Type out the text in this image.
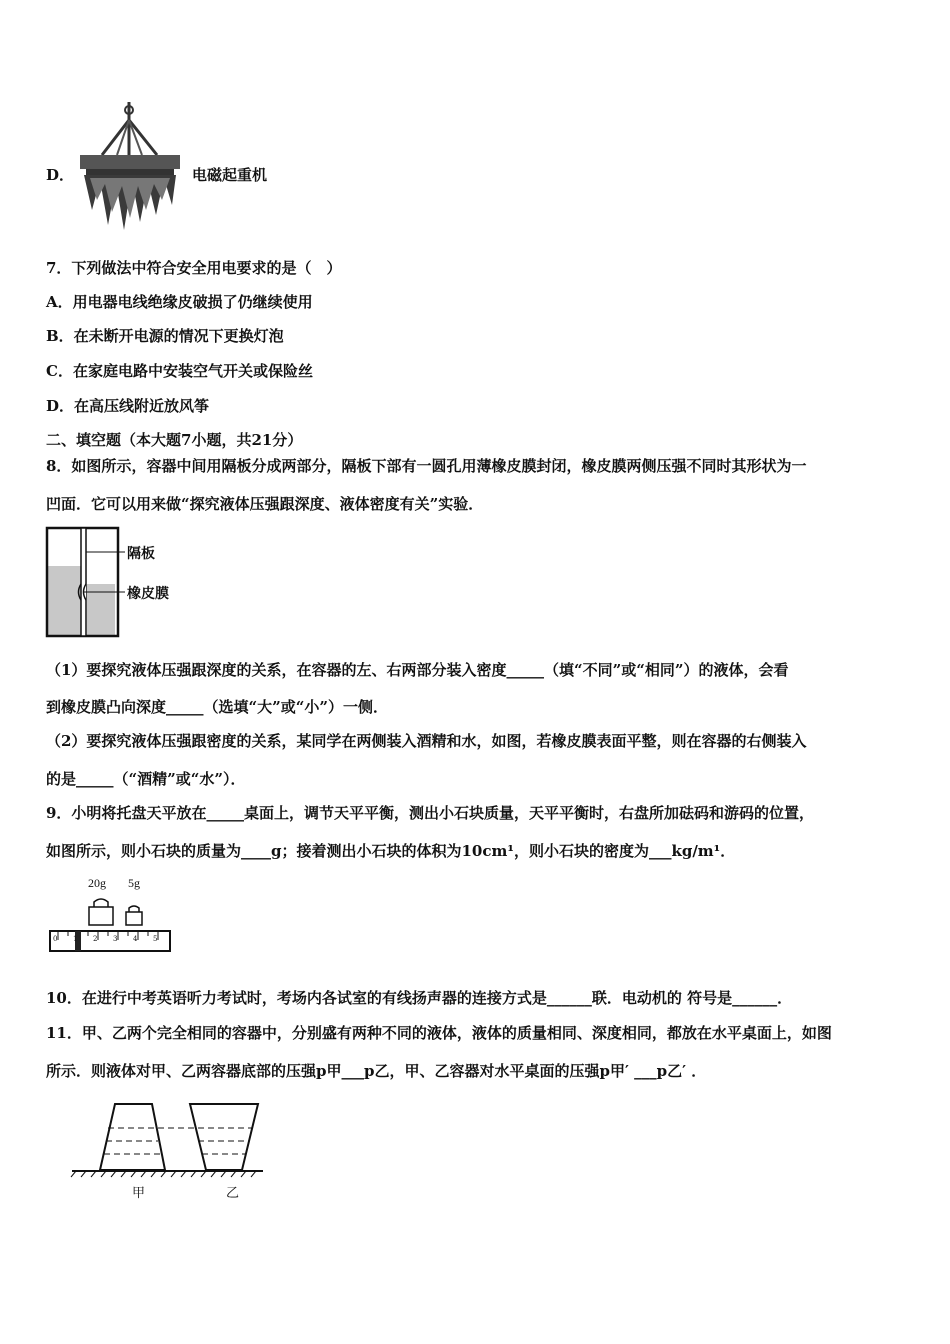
D．	电磁起重机
7．下列做法中符合安全用电要求的是（　）
A．用电器电线绝缘皮破损了仍继续使用
B．在未断开电源的情况下更换灯泡
C．在家庭电路中安装空气开关或保险丝
D．在高压线附近放风筝
二、填空题（本大题7小题，共21分）
8．如图所示，容器中间用隔板分成两部分，隔板下部有一圆孔用薄橡皮膜封闭，橡皮膜两侧压强不同时其形状为一
凹面．它可以用来做“探究液体压强跟深度、液体密度有关”实验．
隔板
橡皮膜
（1）要探究液体压强跟深度的关系，在容器的左、右两部分装入密度_____（填“不同”或“相同”）的液体，会看
到橡皮膜凸向深度_____（选填“大”或“小”）一侧．
（2）要探究液体压强跟密度的关系，某同学在两侧装入酒精和水，如图，若橡皮膜表面平整，则在容器的右侧装入
的是_____（“酒精”或“水”）．
9．小明将托盘天平放在_____桌面上，调节天平平衡，测出小石块质量，天平平衡时，右盘所加砝码和游码的位置，
如图所示，则小石块的质量为____g；接着测出小石块的体积为10cm¹，则小石块的密度为___kg/m¹．
20g 5g
0 1 2 3 4 5
10．在进行中考英语听力考试时，考场内各试室的有线扬声器的连接方式是______联．电动机的 符号是______．
11．甲、乙两个完全相同的容器中，分别盛有两种不同的液体，液体的质量相同、深度相同，都放在水平桌面上，如图
所示．则液体对甲、乙两容器底部的压强p甲___p乙，甲、乙容器对水平桌面的压强p甲′ ___p乙′ ．
甲	乙
